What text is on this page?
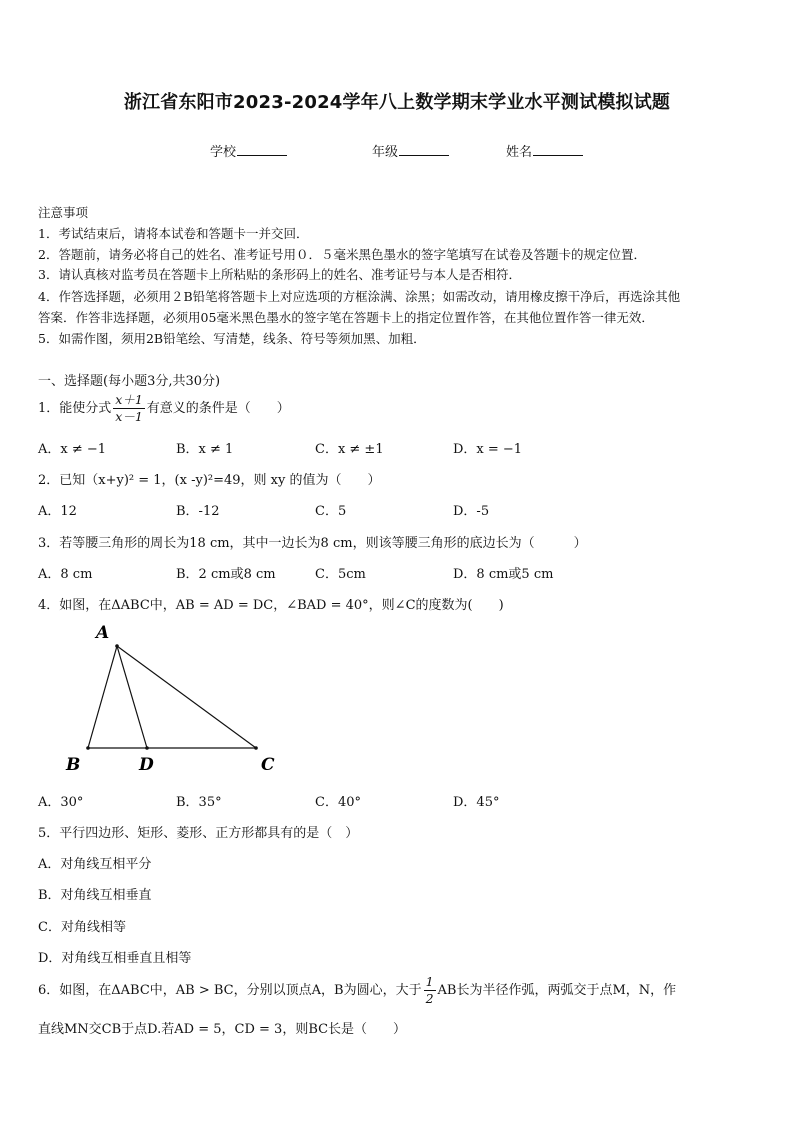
浙江省东阳市2023-2024学年八上数学期末学业水平测试模拟试题
学校	年级	姓名
注意事项
1．考试结束后，请将本试卷和答题卡一并交回．
2．答题前，请务必将自己的姓名、准考证号用０．５毫米黑色墨水的签字笔填写在试卷及答题卡的规定位置．
3．请认真核对监考员在答题卡上所粘贴的条形码上的姓名、准考证号与本人是否相符．
4．作答选择题，必须用２B铅笔将答题卡上对应选项的方框涂满、涂黑；如需改动，请用橡皮擦干净后，再选涂其他
答案．作答非选择题，必须用05毫米黑色墨水的签字笔在答题卡上的指定位置作答，在其他位置作答一律无效．
5．如需作图，须用2B铅笔绘、写清楚，线条、符号等须加黑、加粗．
一、选择题(每小题3分,共30分)
1．能使分式 $\frac{x+1}{x-1}$ 有意义的条件是（　　）
A．x ≠ −1	B．x ≠ 1	C．x ≠ ±1	D．x = −1
2．已知（x+y)² = 1，(x -y)²=49，则 xy 的值为（　　）
A．12	B．-12	C．5	D．-5
3．若等腰三角形的周长为18 cm，其中一边长为8 cm，则该等腰三角形的底边长为（　　　）
A．8 cm	B．2 cm或8 cm	C．5cm	D．8 cm或5 cm
4．如图，在ΔABC中，AB = AD = DC，∠BAD = 40°，则∠C的度数为(　　)
A
B	D	C
A．30°	B．35°	C．40°	D．45°
5．平行四边形、矩形、菱形、正方形都具有的是（　）
A．对角线互相平分
B．对角线互相垂直
C．对角线相等
D．对角线互相垂直且相等
6．如图，在ΔABC中，AB > BC，分别以顶点A，B为圆心，大于 $\frac{1}{2}$ AB长为半径作弧，两弧交于点M，N，作
直线MN交CB于点D.若AD = 5，CD = 3，则BC长是（　　）
